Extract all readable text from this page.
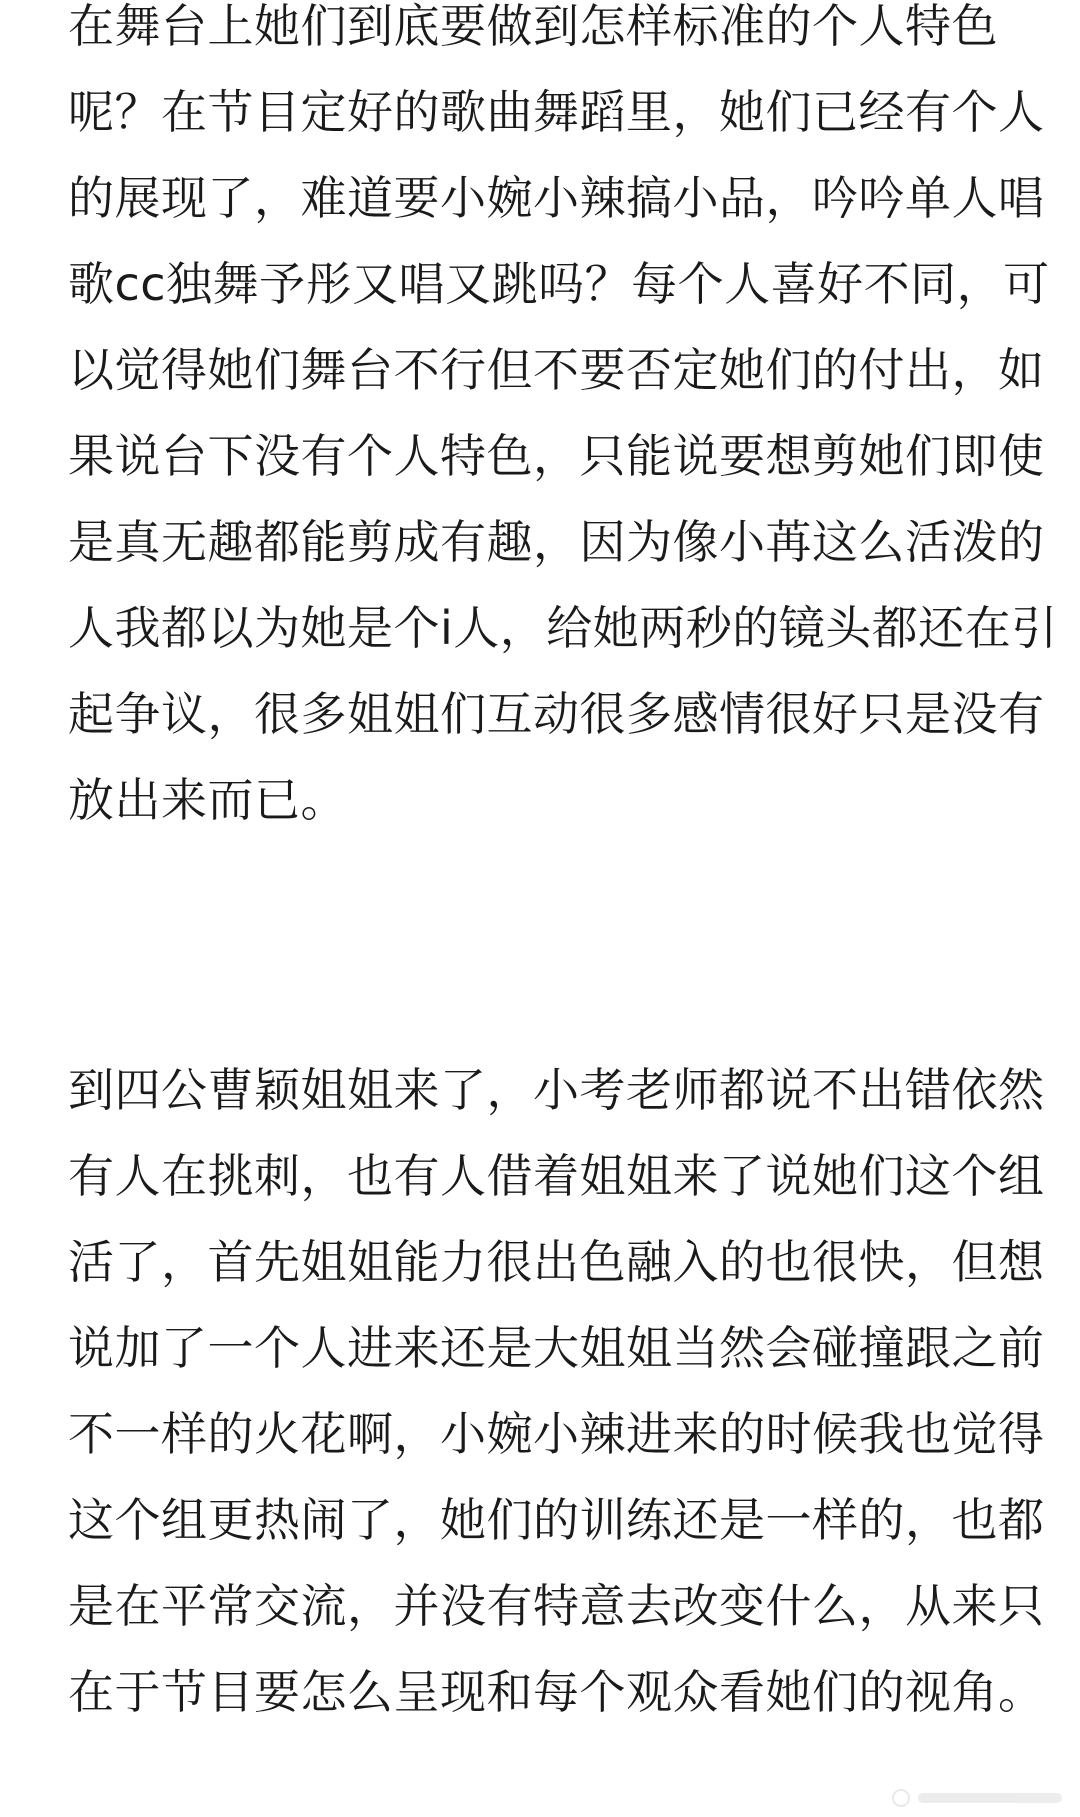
在舞台上她们到底要做到怎样标准的个人特色
呢？在节目定好的歌曲舞蹈里，她们已经有个人
的展现了，难道要小婉小辣搞小品，吟吟单人唱
歌cc独舞予彤又唱又跳吗？每个人喜好不同，可
以觉得她们舞台不行但不要否定她们的付出，如
果说台下没有个人特色，只能说要想剪她们即使
是真无趣都能剪成有趣，因为像小苒这么活泼的
人我都以为她是个i人，给她两秒的镜头都还在引
起争议，很多姐姐们互动很多感情很好只是没有
放出来而已。
到四公曹颖姐姐来了，小考老师都说不出错依然
有人在挑刺，也有人借着姐姐来了说她们这个组
活了，首先姐姐能力很出色融入的也很快，但想
说加了一个人进来还是大姐姐当然会碰撞跟之前
不一样的火花啊，小婉小辣进来的时候我也觉得
这个组更热闹了，她们的训练还是一样的，也都
是在平常交流，并没有特意去改变什么，从来只
在于节目要怎么呈现和每个观众看她们的视角。
